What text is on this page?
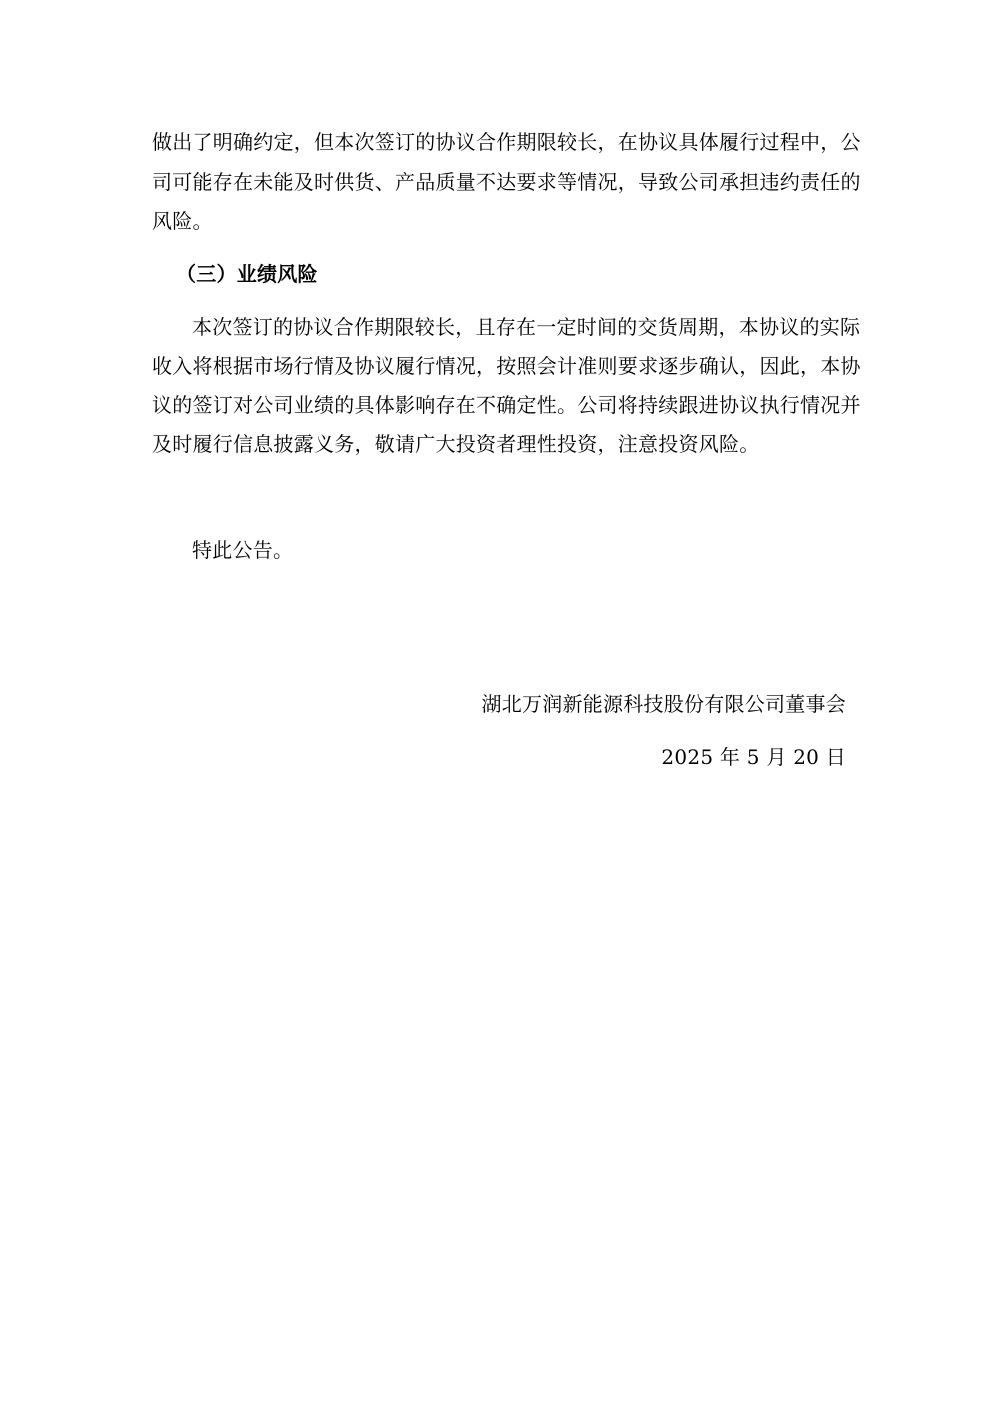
做出了明确约定，但本次签订的协议合作期限较长，在协议具体履行过程中，公
司可能存在未能及时供货、产品质量不达要求等情况，导致公司承担违约责任的
风险。
（三）业绩风险
本次签订的协议合作期限较长，且存在一定时间的交货周期，本协议的实际
收入将根据市场行情及协议履行情况，按照会计准则要求逐步确认，因此，本协
议的签订对公司业绩的具体影响存在不确定性。公司将持续跟进协议执行情况并
及时履行信息披露义务，敬请广大投资者理性投资，注意投资风险。
特此公告。
湖北万润新能源科技股份有限公司董事会
2025 年 5 月 20 日
